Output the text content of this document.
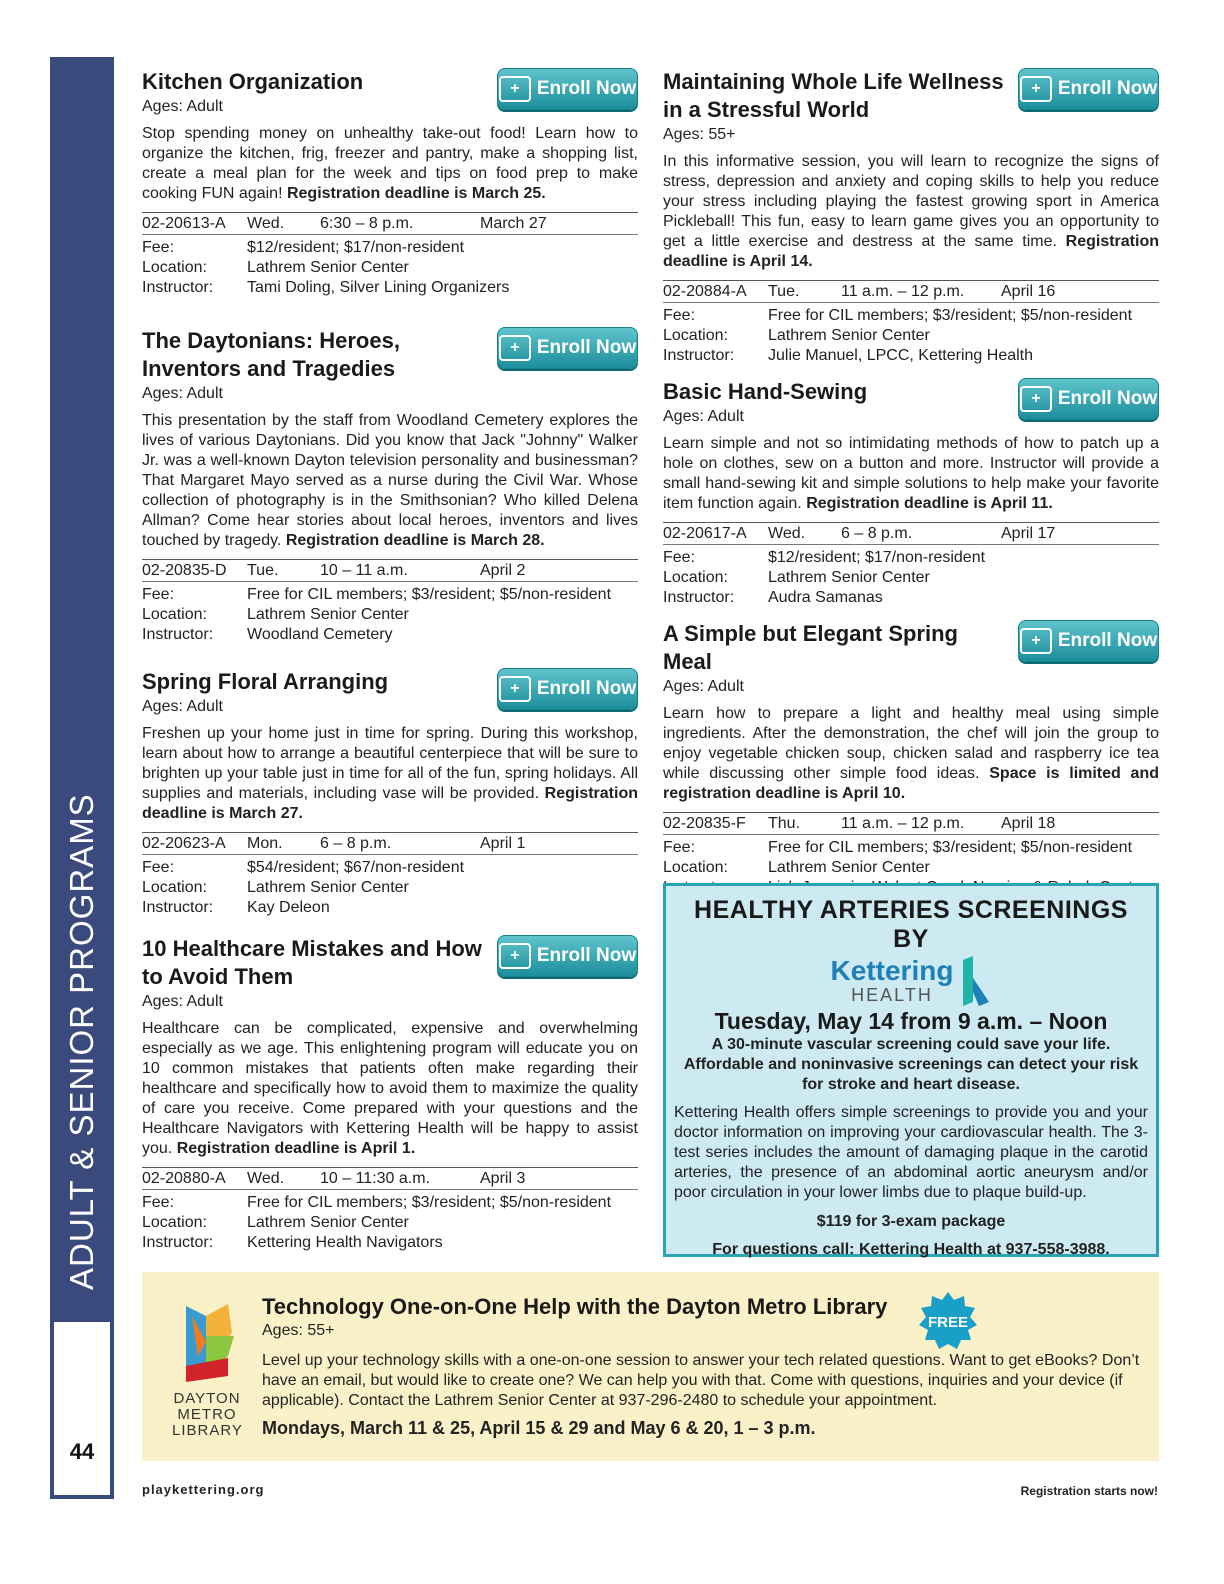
ADULT & SENIOR PROGRAMS
44
+ Enroll Now
Kitchen Organization
Ages: Adult
Stop spending money on unhealthy take-out food! Learn how to organize the kitchen, frig, freezer and pantry, make a shopping list, create a meal plan for the week and tips on food prep to make cooking FUN again! Registration deadline is March 25.
02-20613-A	Wed.	6:30 – 8 p.m.	March 27
Fee:	$12/resident; $17/non-resident
Location:	Lathrem Senior Center
Instructor:	Tami Doling, Silver Lining Organizers
+ Enroll Now
The Daytonians: Heroes, Inventors and Tragedies
Ages: Adult
This presentation by the staff from Woodland Cemetery explores the lives of various Daytonians. Did you know that Jack "Johnny" Walker Jr. was a well-known Dayton television personality and businessman? That Margaret Mayo served as a nurse during the Civil War. Whose collection of photography is in the Smithsonian? Who killed Delena Allman? Come hear stories about local heroes, inventors and lives touched by tragedy. Registration deadline is March 28.
02-20835-D	Tue.	10 – 11 a.m.	April 2
Fee:	Free for CIL members; $3/resident; $5/non-resident
Location:	Lathrem Senior Center
Instructor:	Woodland Cemetery
+ Enroll Now
Spring Floral Arranging
Ages: Adult
Freshen up your home just in time for spring. During this workshop, learn about how to arrange a beautiful centerpiece that will be sure to brighten up your table just in time for all of the fun, spring holidays. All supplies and materials, including vase will be provided. Registration deadline is March 27.
02-20623-A	Mon.	6 – 8 p.m.	April 1
Fee:	$54/resident; $67/non-resident
Location:	Lathrem Senior Center
Instructor:	Kay Deleon
+ Enroll Now
10 Healthcare Mistakes and How to Avoid Them
Ages: Adult
Healthcare can be complicated, expensive and overwhelming especially as we age. This enlightening program will educate you on 10 common mistakes that patients often make regarding their healthcare and specifically how to avoid them to maximize the quality of care you receive. Come prepared with your questions and the Healthcare Navigators with Kettering Health will be happy to assist you. Registration deadline is April 1.
02-20880-A	Wed.	10 – 11:30 a.m.	April 3
Fee:	Free for CIL members; $3/resident; $5/non-resident
Location:	Lathrem Senior Center
Instructor:	Kettering Health Navigators
+ Enroll Now
Maintaining Whole Life Wellness in a Stressful World
Ages: 55+
In this informative session, you will learn to recognize the signs of stress, depression and anxiety and coping skills to help you reduce your stress including playing the fastest growing sport in America Pickleball! This fun, easy to learn game gives you an opportunity to get a little exercise and destress at the same time. Registration deadline is April 14.
02-20884-A	Tue.	11 a.m. – 12 p.m.	April 16
Fee:	Free for CIL members; $3/resident; $5/non-resident
Location:	Lathrem Senior Center
Instructor:	Julie Manuel, LPCC, Kettering Health
+ Enroll Now
Basic Hand-Sewing
Ages: Adult
Learn simple and not so intimidating methods of how to patch up a hole on clothes, sew on a button and more. Instructor will provide a small hand-sewing kit and simple solutions to help make your favorite item function again. Registration deadline is April 11.
02-20617-A	Wed.	6 – 8 p.m.	April 17
Fee:	$12/resident; $17/non-resident
Location:	Lathrem Senior Center
Instructor:	Audra Samanas
+ Enroll Now
A Simple but Elegant Spring Meal
Ages: Adult
Learn how to prepare a light and healthy meal using simple ingredients. After the demonstration, the chef will join the group to enjoy vegetable chicken soup, chicken salad and raspberry ice tea while discussing other simple food ideas. Space is limited and registration deadline is April 10.
02-20835-F	Thu.	11 a.m. – 12 p.m.	April 18
Fee:	Free for CIL members; $3/resident; $5/non-resident
Location:	Lathrem Senior Center
HEALTHY ARTERIES SCREENINGS BY
Kettering
HEALTH
Tuesday, May 14 from 9 a.m. – Noon
A 30-minute vascular screening could save your life.
Affordable and noninvasive screenings can detect your risk for stroke and heart disease.
Kettering Health offers simple screenings to provide you and your doctor information on improving your cardiovascular health. The 3-test series includes the amount of damaging plaque in the carotid arteries, the presence of an abdominal aortic aneurysm and/or poor circulation in your lower limbs due to plaque build-up.
$119 for 3-exam package
For questions call: Kettering Health at 937-558-3988.
DAYTON
METRO
LIBRARY
Technology One-on-One Help with the Dayton Metro Library
FREE
Ages: 55+
Level up your technology skills with a one-on-one session to answer your tech related questions. Want to get eBooks? Don’t have an email, but would like to create one? We can help you with that. Come with questions, inquiries and your device (if applicable). Contact the Lathrem Senior Center at 937-296-2480 to schedule your appointment.
Mondays, March 11 & 25, April 15 & 29 and May 6 & 20, 1 – 3 p.m.
playkettering.org	Registration starts now!
